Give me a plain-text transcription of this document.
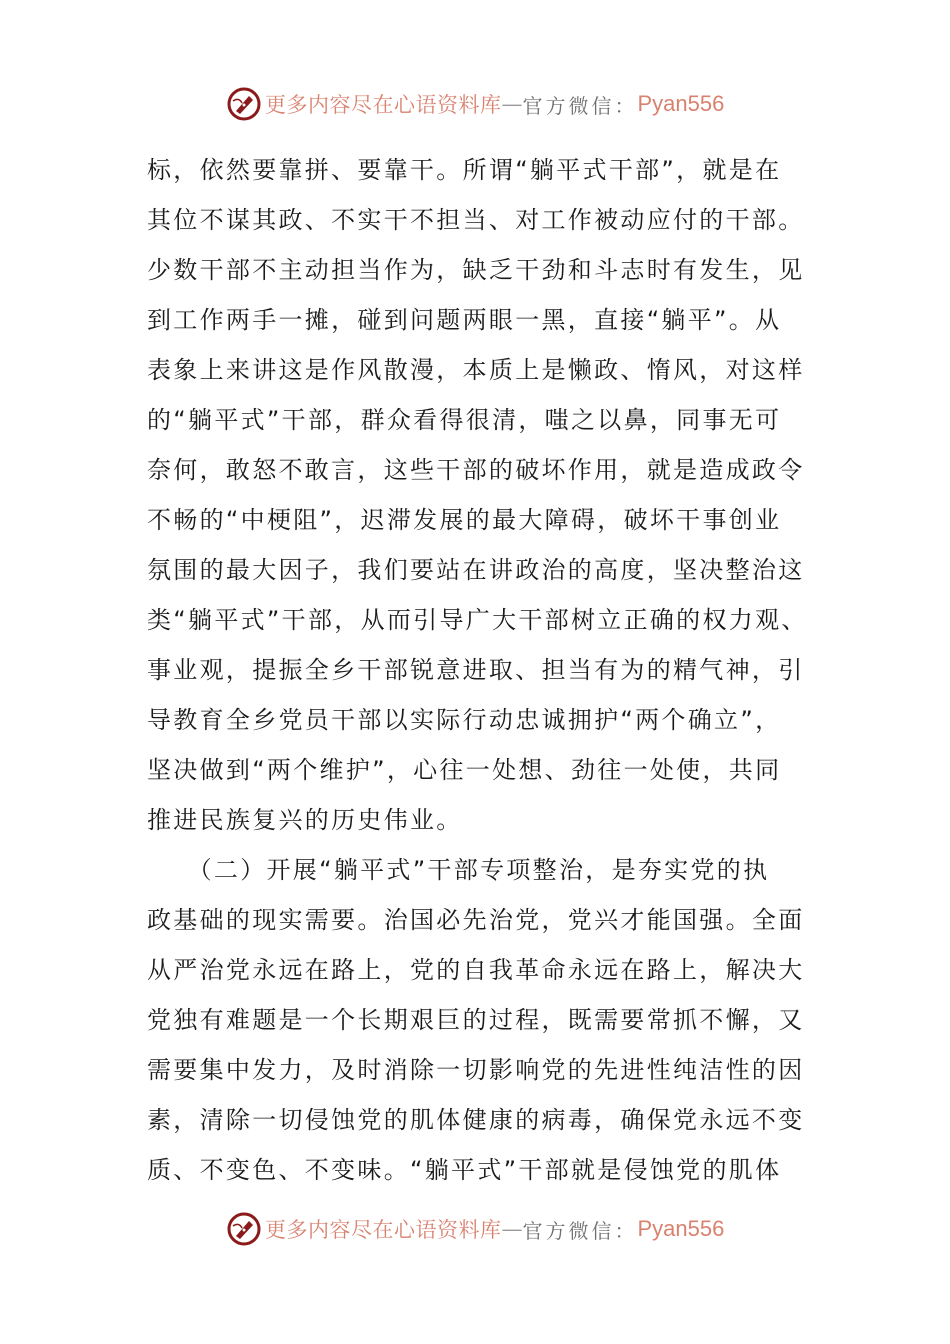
更多内容尽在心语资料库 — 官方微信： Pyan556
标，依然要靠拼、要靠干。所谓“躺平式干部”，就是在
其位不谋其政、不实干不担当、对工作被动应付的干部。
少数干部不主动担当作为，缺乏干劲和斗志时有发生，见
到工作两手一摊，碰到问题两眼一黑，直接“躺平”。从
表象上来讲这是作风散漫，本质上是懒政、惰风，对这样
的“躺平式”干部，群众看得很清，嗤之以鼻，同事无可
奈何，敢怒不敢言，这些干部的破坏作用，就是造成政令
不畅的“中梗阻”，迟滞发展的最大障碍，破坏干事创业
氛围的最大因子，我们要站在讲政治的高度，坚决整治这
类“躺平式”干部，从而引导广大干部树立正确的权力观、
事业观，提振全乡干部锐意进取、担当有为的精气神，引
导教育全乡党员干部以实际行动忠诚拥护“两个确立”，
坚决做到“两个维护”，心往一处想、劲往一处使，共同
推进民族复兴的历史伟业。
　　（二）开展“躺平式”干部专项整治，是夯实党的执
政基础的现实需要。治国必先治党，党兴才能国强。全面
从严治党永远在路上，党的自我革命永远在路上，解决大
党独有难题是一个长期艰巨的过程，既需要常抓不懈，又
需要集中发力，及时消除一切影响党的先进性纯洁性的因
素，清除一切侵蚀党的肌体健康的病毒，确保党永远不变
质、不变色、不变味。“躺平式”干部就是侵蚀党的肌体
更多内容尽在心语资料库 — 官方微信： Pyan556
